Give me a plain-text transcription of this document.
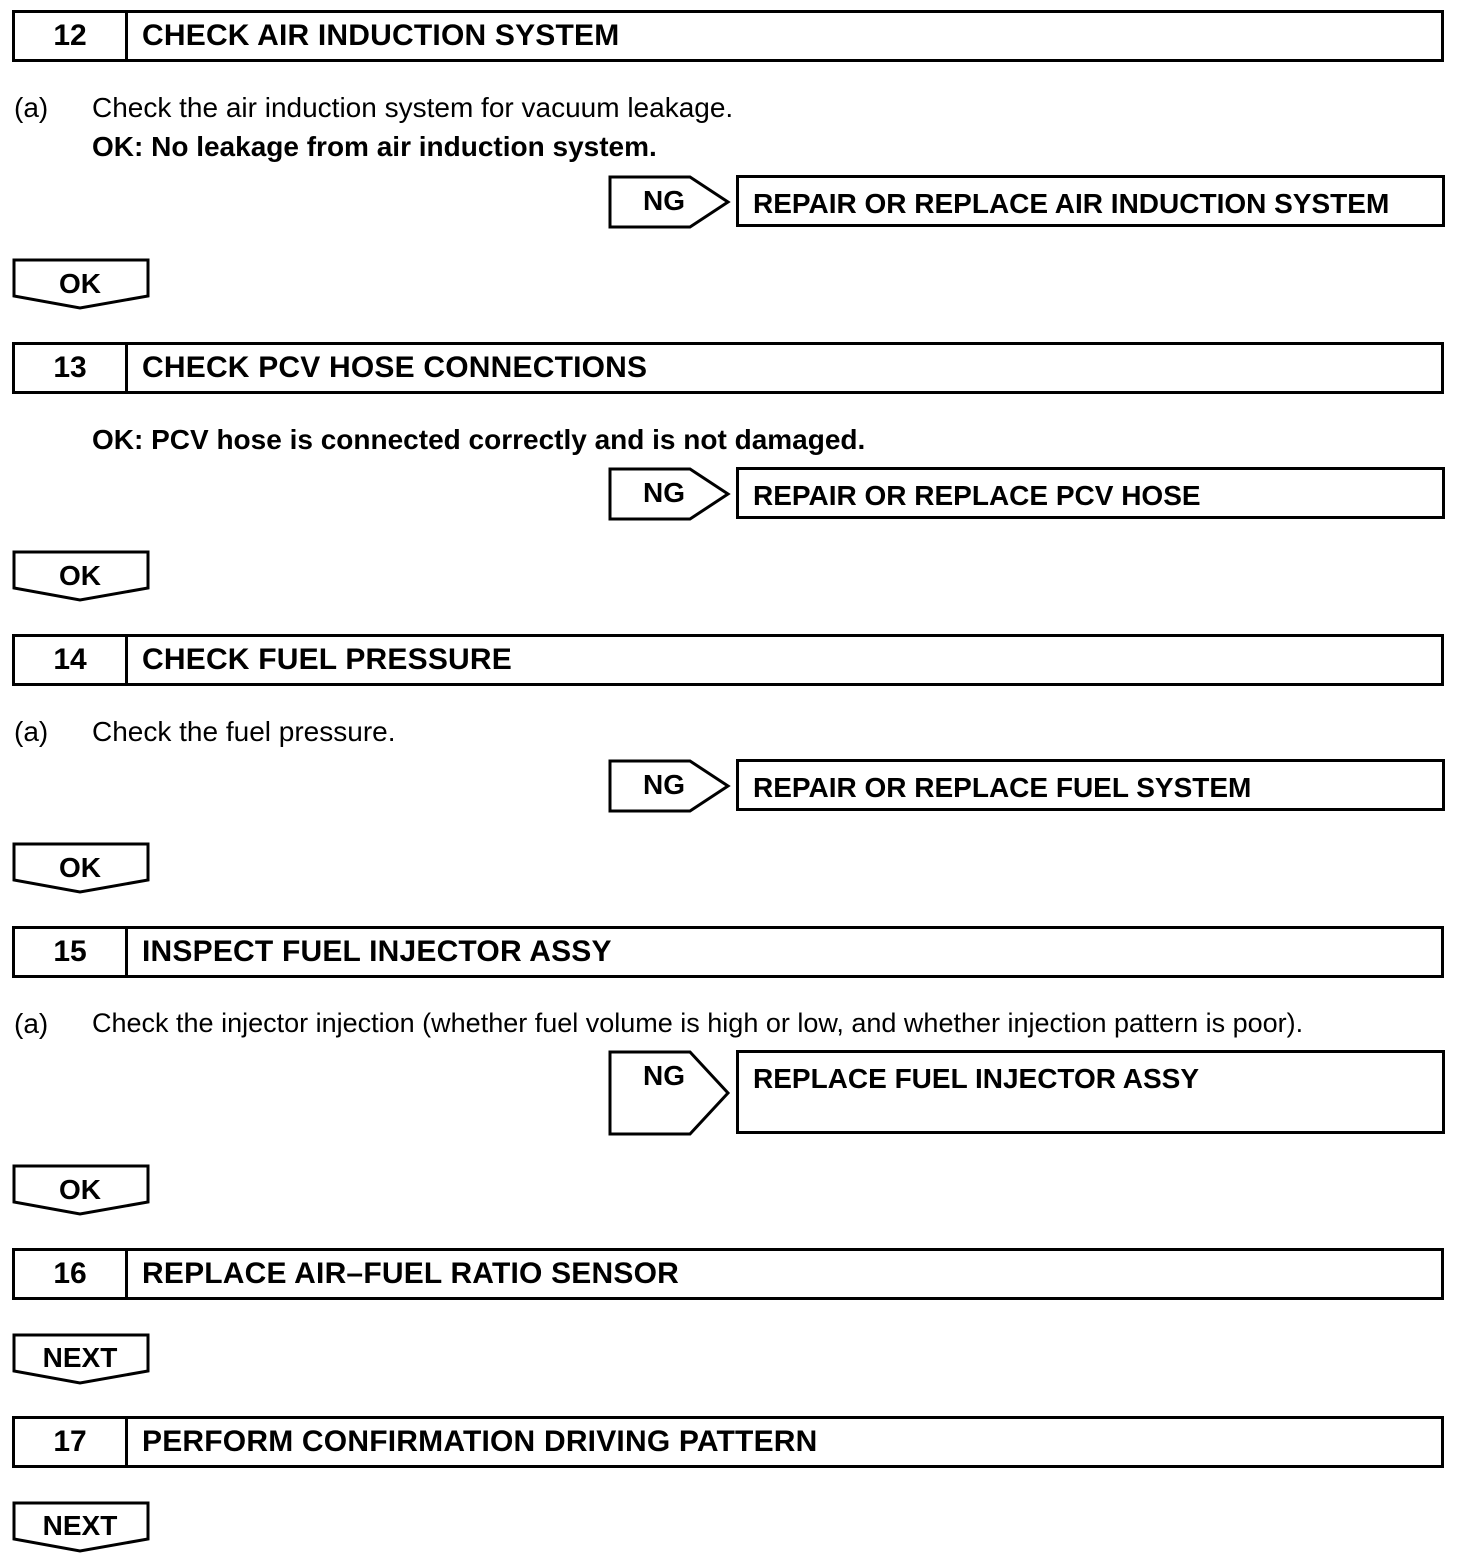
12	CHECK AIR INDUCTION SYSTEM
(a) Check the air induction system for vacuum leakage.
OK: No leakage from air induction system.
NG	REPAIR OR REPLACE AIR INDUCTION SYSTEM
OK
13	CHECK PCV HOSE CONNECTIONS
OK: PCV hose is connected correctly and is not damaged.
NG	REPAIR OR REPLACE PCV HOSE
OK
14	CHECK FUEL PRESSURE
(a) Check the fuel pressure.
NG	REPAIR OR REPLACE FUEL SYSTEM
OK
15	INSPECT FUEL INJECTOR ASSY
(a) Check the injector injection (whether fuel volume is high or low, and whether injection pattern is poor).
NG	REPLACE FUEL INJECTOR ASSY
OK
16	REPLACE AIR–FUEL RATIO SENSOR
NEXT
17	PERFORM CONFIRMATION DRIVING PATTERN
NEXT
